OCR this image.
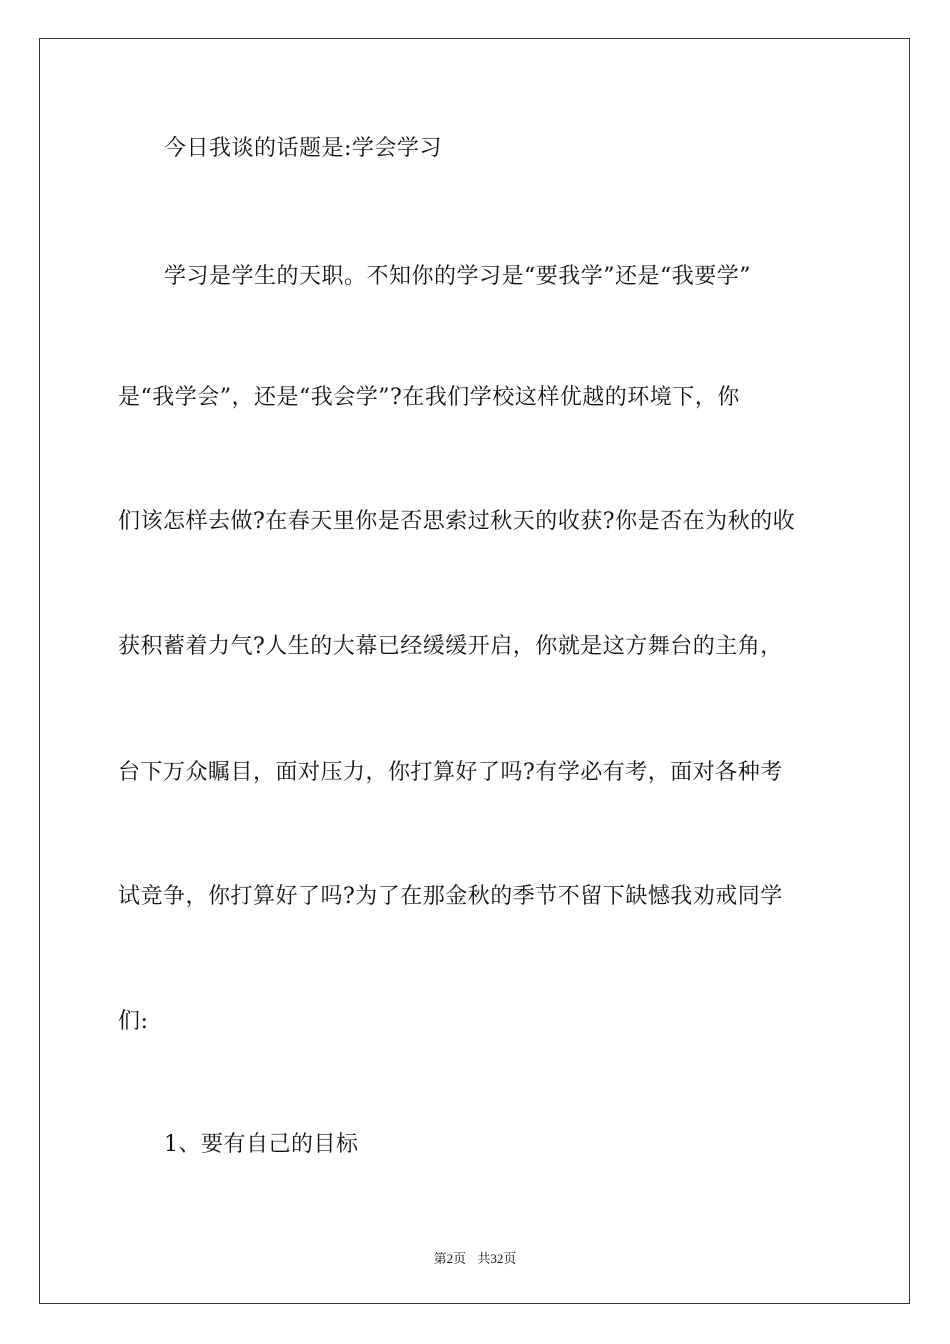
今日我谈的话题是:学会学习
学习是学生的天职。不知你的学习是“要我学”还是“我要学”
是“我学会”，还是“我会学”?在我们学校这样优越的环境下，你
们该怎样去做?在春天里你是否思索过秋天的收获?你是否在为秋的收
获积蓄着力气?人生的大幕已经缓缓开启，你就是这方舞台的主角，
台下万众瞩目，面对压力，你打算好了吗?有学必有考，面对各种考
试竞争，你打算好了吗?为了在那金秋的季节不留下缺憾我劝戒同学
们:
1、要有自己的目标
第2页 共32页
